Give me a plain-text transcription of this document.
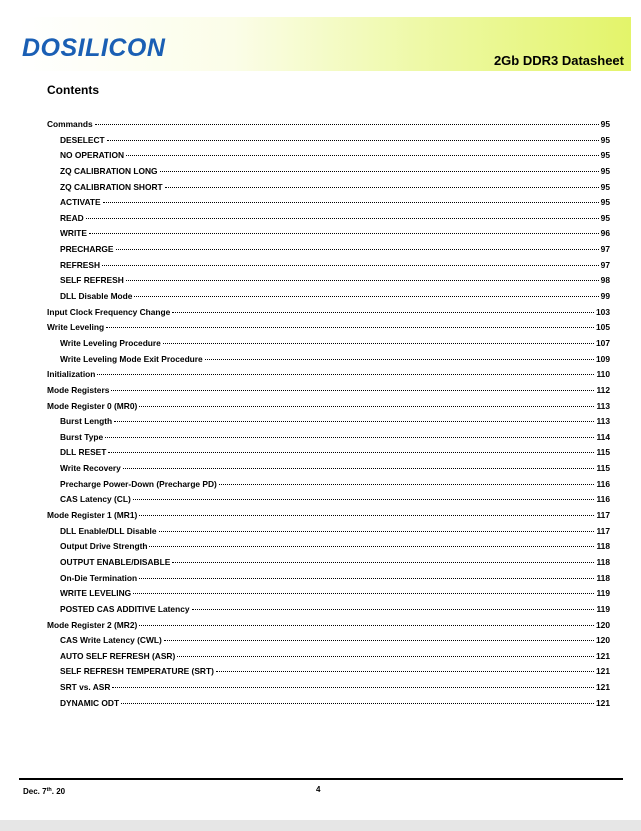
DOSILICON	2Gb DDR3 Datasheet
Contents
Commands	95
DESELECT	95
NO OPERATION	95
ZQ CALIBRATION LONG	95
ZQ CALIBRATION SHORT	95
ACTIVATE	95
READ	95
WRITE	96
PRECHARGE	97
REFRESH	97
SELF REFRESH	98
DLL Disable Mode	99
Input Clock Frequency Change	103
Write Leveling	105
Write Leveling Procedure	107
Write Leveling Mode Exit Procedure	109
Initialization	110
Mode Registers	112
Mode Register 0 (MR0)	113
Burst Length	113
Burst Type	114
DLL RESET	115
Write Recovery	115
Precharge Power-Down (Precharge PD)	116
CAS Latency (CL)	116
Mode Register 1 (MR1)	117
DLL Enable/DLL Disable	117
Output Drive Strength	118
OUTPUT ENABLE/DISABLE	118
On-Die Termination	118
WRITE LEVELING	119
POSTED CAS ADDITIVE Latency	119
Mode Register 2 (MR2)	120
CAS Write Latency (CWL)	120
AUTO SELF REFRESH (ASR)	121
SELF REFRESH TEMPERATURE (SRT)	121
SRT vs. ASR	121
DYNAMIC ODT	121
Dec. 7th. 20	4
